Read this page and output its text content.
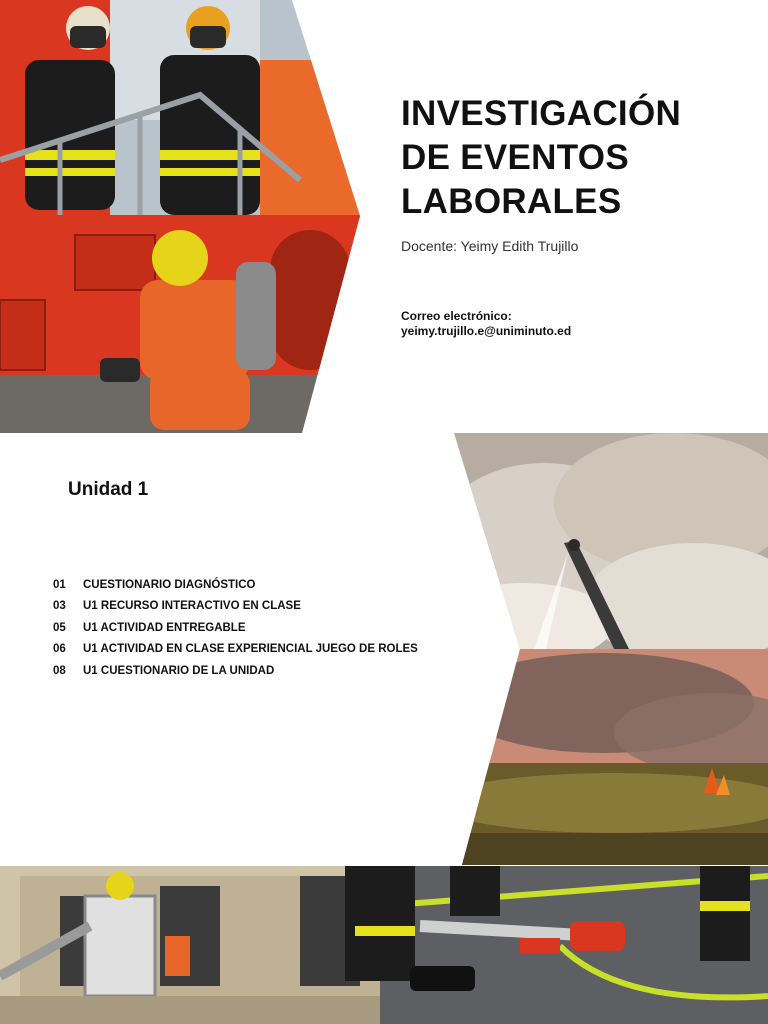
INVESTIGACIÓN
DE EVENTOS
LABORALES
Docente: Yeimy Edith Trujillo
Correo electrónico:
yeimy.trujillo.e@uniminuto.ed
Unidad 1
01	CUESTIONARIO DIAGNÓSTICO
03	U1 RECURSO INTERACTIVO EN CLASE
05	U1 ACTIVIDAD ENTREGABLE
06	U1 ACTIVIDAD EN CLASE EXPERIENCIAL JUEGO DE ROLES
08	U1 CUESTIONARIO DE LA UNIDAD
